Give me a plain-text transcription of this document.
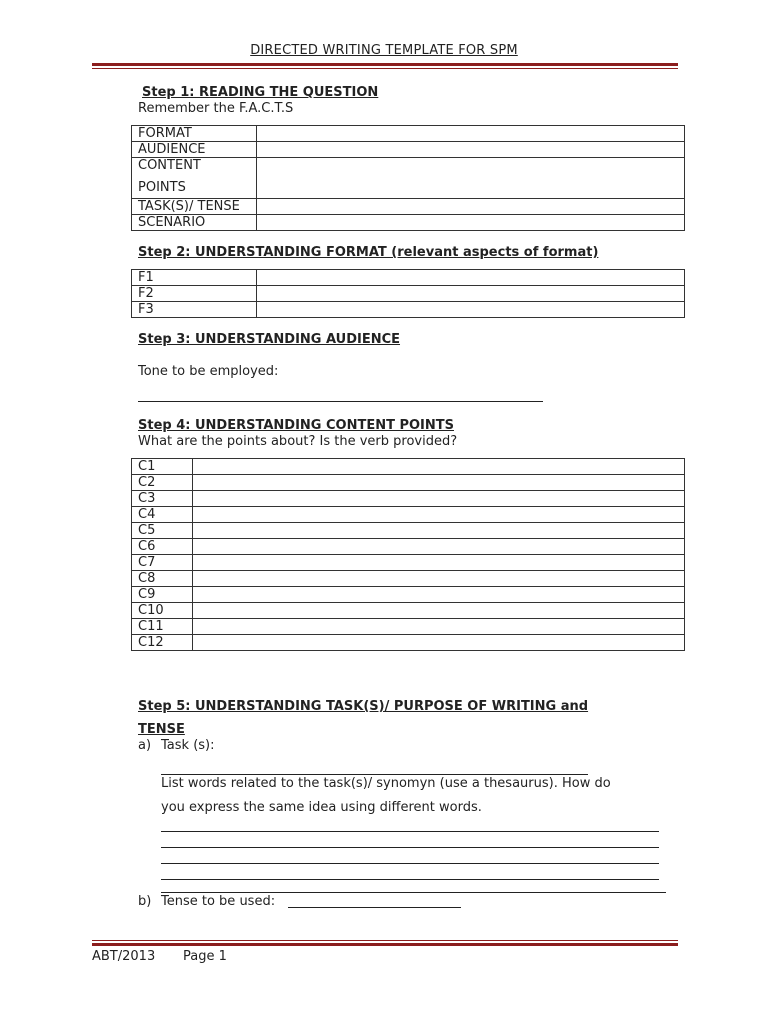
DIRECTED WRITING TEMPLATE FOR SPM
Step 1: READING THE QUESTION
Remember the F.A.C.T.S
FORMAT	
AUDIENCE	

CONTENT
POINTS	

TASK(S)/ TENSE	
SCENARIO	
Step 2: UNDERSTANDING FORMAT (relevant aspects of format)
F1	
F2	
F3	
Step 3: UNDERSTANDING AUDIENCE
Tone to be employed:
Step 4: UNDERSTANDING CONTENT POINTS
What are the points about? Is the verb provided?
C1	
C2	
C3	
C4	
C5	
C6	
C7	
C8	
C9	
C10	
C11	
C12	
Step 5: UNDERSTANDING TASK(S)/ PURPOSE OF WRITING and
TENSE
a) Task (s):
List words related to the task(s)/ synomyn (use a thesaurus). How do
you express the same idea using different words.
b) Tense to be used:
ABT/2013 Page 1
